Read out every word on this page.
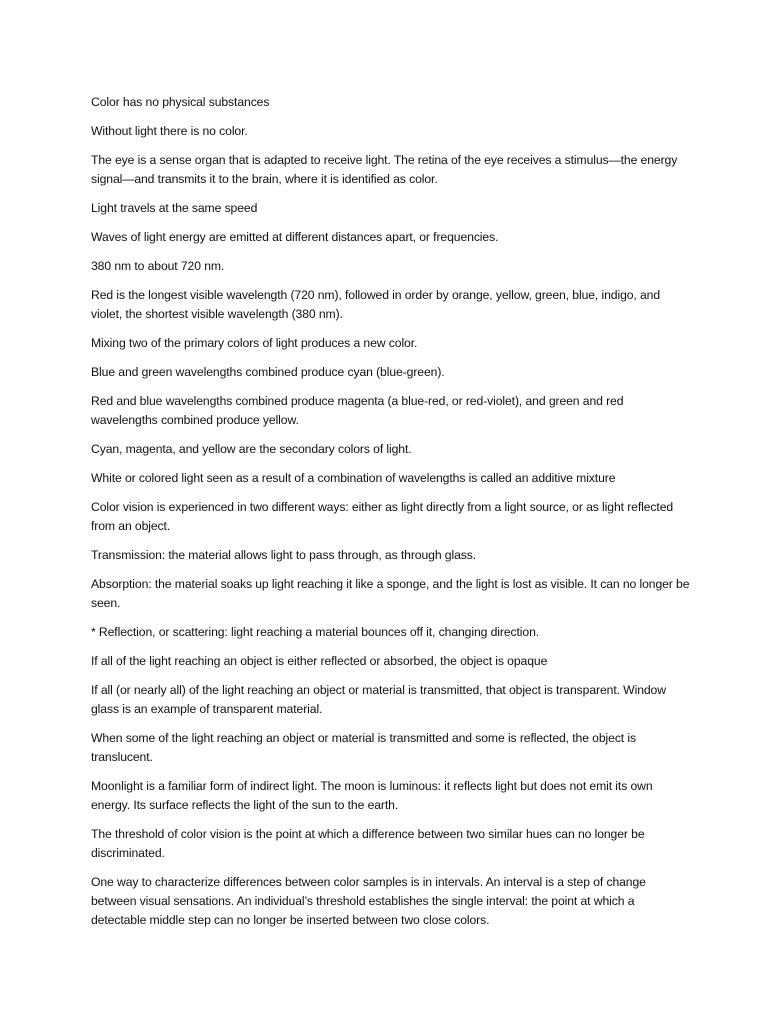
Color has no physical substances

Without light there is no color.

The eye is a sense organ that is adapted to receive light. The retina of the eye receives a stimulus—the energy signal—and transmits it to the brain, where it is identified as color.

Light travels at the same speed

Waves of light energy are emitted at different distances apart, or frequencies.

380 nm to about 720 nm.

Red is the longest visible wavelength (720 nm), followed in order by orange, yellow, green, blue, indigo, and violet, the shortest visible wavelength (380 nm).

Mixing two of the primary colors of light produces a new color.

Blue and green wavelengths combined produce cyan (blue-green).

Red and blue wavelengths combined produce magenta (a blue-red, or red-violet), and green and red wavelengths combined produce yellow.

Cyan, magenta, and yellow are the secondary colors of light.

White or colored light seen as a result of a combination of wavelengths is called an additive mixture

Color vision is experienced in two different ways: either as light directly from a light source, or as light reflected from an object.

Transmission: the material allows light to pass through, as through glass.

Absorption: the material soaks up light reaching it like a sponge, and the light is lost as visible. It can no longer be seen.

* Reflection, or scattering: light reaching a material bounces off it, changing direction.

If all of the light reaching an object is either reflected or absorbed, the object is opaque

If all (or nearly all) of the light reaching an object or material is transmitted, that object is transparent. Window glass is an example of transparent material.

When some of the light reaching an object or material is transmitted and some is reflected, the object is translucent.

Moonlight is a familiar form of indirect light. The moon is luminous: it reflects light but does not emit its own energy. Its surface reflects the light of the sun to the earth.

The threshold of color vision is the point at which a difference between two similar hues can no longer be discriminated.

One way to characterize differences between color samples is in intervals. An interval is a step of change between visual sensations. An individual’s threshold establishes the single interval: the point at which a detectable middle step can no longer be inserted between two close colors.
